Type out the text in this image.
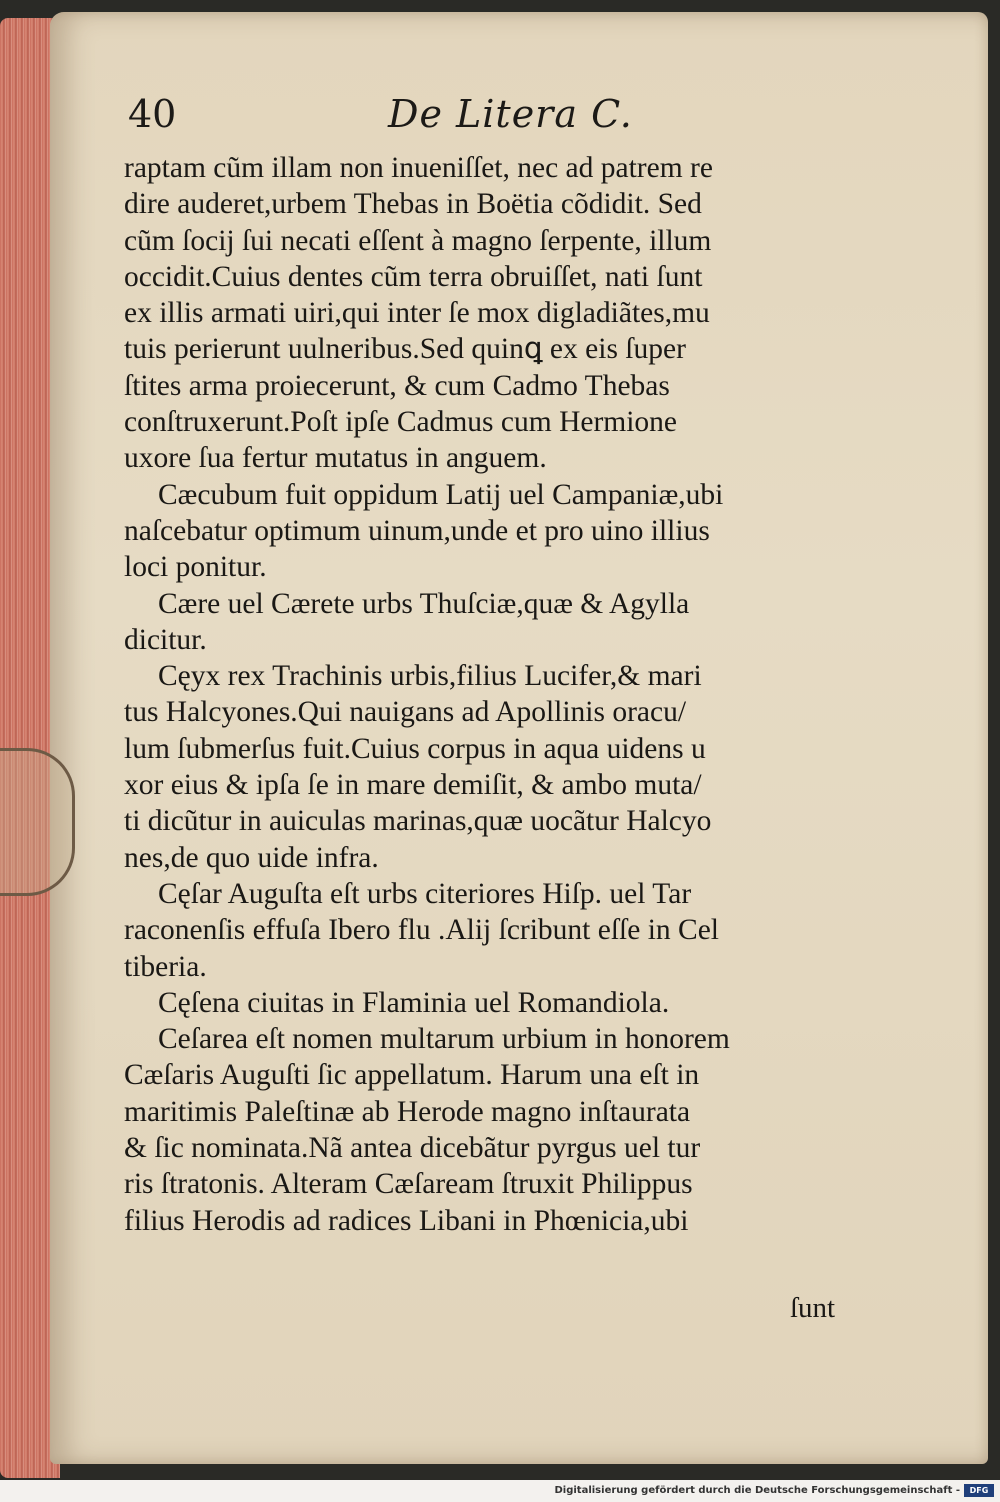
40	De Litera C.
raptam cũm illam non inueniſſet, nec ad patrem re
dire auderet,urbem Thebas in Boëtia cõdidit. Sed
cũm ſocij ſui necati eſſent à magno ſerpente, illum
occidit.Cuius dentes cũm terra obruiſſet, nati ſunt
ex illis armati uiri,qui inter ſe mox digladiãtes,mu
tuis perierunt uulneribus.Sed quinꝗ ex eis ſuper
ſtites arma proiecerunt, & cum Cadmo Thebas
conſtruxerunt.Poſt ipſe Cadmus cum Hermione
uxore ſua fertur mutatus in anguem.
Cæcubum fuit oppidum Latij uel Campaniæ,ubi
naſcebatur optimum uinum,unde et pro uino illius
loci ponitur.
Cære uel Cærete urbs Thuſciæ,quæ & Agylla
dicitur.
Cęyx rex Trachinis urbis,filius Lucifer,& mari
tus Halcyones.Qui nauigans ad Apollinis oracu/
lum ſubmerſus fuit.Cuius corpus in aqua uidens u
xor eius & ipſa ſe in mare demiſit, & ambo muta/
ti dicũtur in auiculas marinas,quæ uocãtur Halcyo
nes,de quo uide infra.
Cęſar Auguſta eſt urbs citeriores Hiſp. uel Tar
raconenſis effuſa Ibero flu .Alij ſcribunt eſſe in Cel
tiberia.
Cęſena ciuitas in Flaminia uel Romandiola.
Ceſarea eſt nomen multarum urbium in honorem
Cæſaris Auguſti ſic appellatum. Harum una eſt in
maritimis Paleſtinæ ab Herode magno inſtaurata
& ſic nominata.Nã antea dicebãtur pyrgus uel tur
ris ſtratonis. Alteram Cæſaream ſtruxit Philippus
filius Herodis ad radices Libani in Phœnicia,ubi
ſunt
Digitalisierung gefördert durch die Deutsche Forschungsgemeinschaft -	DFG
